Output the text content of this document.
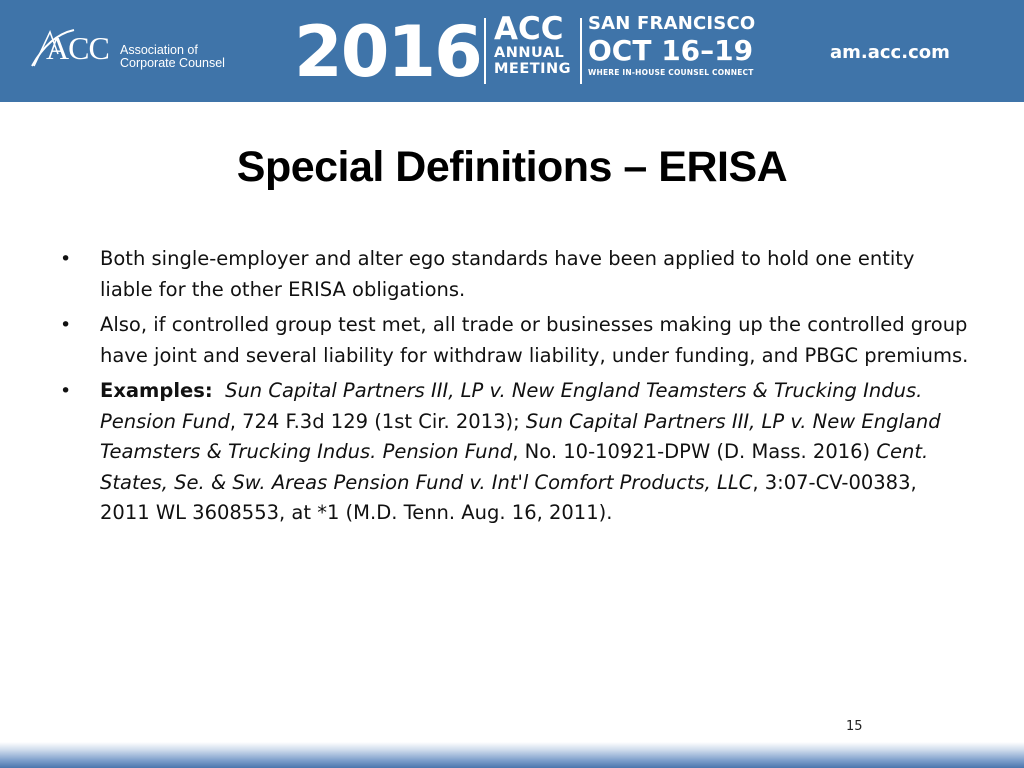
ACC Association of
Corporate Counsel 2016 ACC
ANNUAL
MEETING
SAN FRANCISCO
OCT 16–19
WHERE IN-HOUSE COUNSEL CONNECT
am.acc.com
Special Definitions – ERISA
• Both single-employer and alter ego standards have been applied to hold one entity liable for the other ERISA obligations.
• Also, if controlled group test met, all trade or businesses making up the controlled group have joint and several liability for withdraw liability, under funding, and PBGC premiums.
• Examples: Sun Capital Partners III, LP v. New England Teamsters & Trucking Indus. Pension Fund, 724 F.3d 129 (1st Cir. 2013); Sun Capital Partners III, LP v. New England Teamsters & Trucking Indus. Pension Fund, No. 10-10921-DPW (D. Mass. 2016) Cent. States, Se. & Sw. Areas Pension Fund v. Int'l Comfort Products, LLC, 3:07-CV-00383, 2011 WL 3608553, at *1 (M.D. Tenn. Aug. 16, 2011).
15
